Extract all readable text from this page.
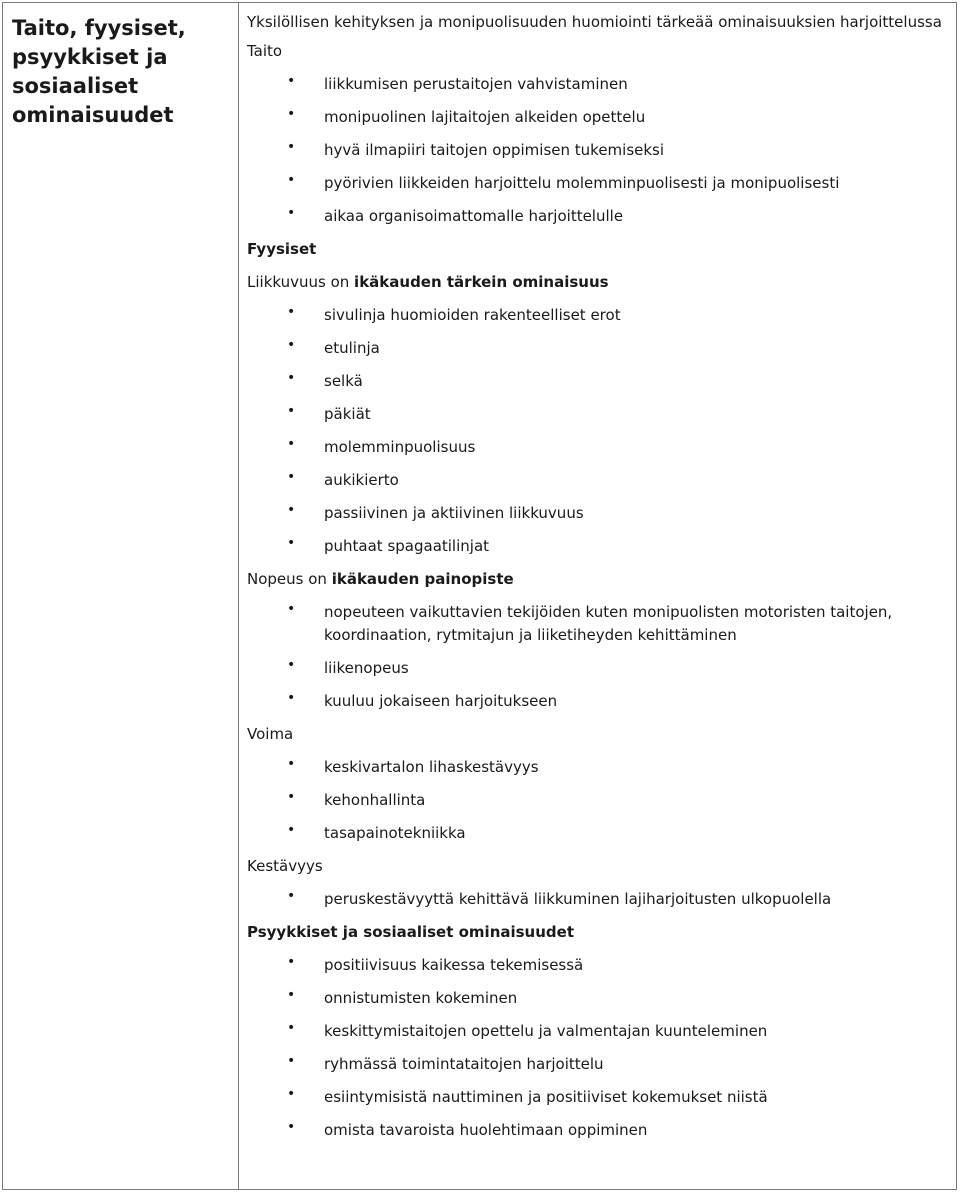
Taito, fyysiset, psyykkiset ja sosiaaliset ominaisuudet
Yksilöllisen kehityksen ja monipuolisuuden huomiointi tärkeää ominaisuuksien harjoittelussa
Taito
• liikkumisen perustaitojen vahvistaminen
• monipuolinen lajitaitojen alkeiden opettelu
• hyvä ilmapiiri taitojen oppimisen tukemiseksi
• pyörivien liikkeiden harjoittelu molemminpuolisesti ja monipuolisesti
• aikaa organisoimattomalle harjoittelulle
Fyysiset
Liikkuvuus on ikäkauden tärkein ominaisuus
• sivulinja huomioiden rakenteelliset erot
• etulinja
• selkä
• päkiät
• molemminpuolisuus
• aukikierto
• passiivinen ja aktiivinen liikkuvuus
• puhtaat spagaatilinjat
Nopeus on ikäkauden painopiste
• nopeuteen vaikuttavien tekijöiden kuten monipuolisten motoristen taitojen, koordinaation, rytmitajun ja liiketiheyden kehittäminen
• liikenopeus
• kuuluu jokaiseen harjoitukseen
Voima
• keskivartalon lihaskestävyys
• kehonhallinta
• tasapainotekniikka
Kestävyys
• peruskestävyyttä kehittävä liikkuminen lajiharjoitusten ulkopuolella
Psyykkiset ja sosiaaliset ominaisuudet
• positiivisuus kaikessa tekemisessä
• onnistumisten kokeminen
• keskittymistaitojen opettelu ja valmentajan kuunteleminen
• ryhmässä toimintataitojen harjoittelu
• esiintymisistä nauttiminen ja positiiviset kokemukset niistä
• omista tavaroista huolehtimaan oppiminen
